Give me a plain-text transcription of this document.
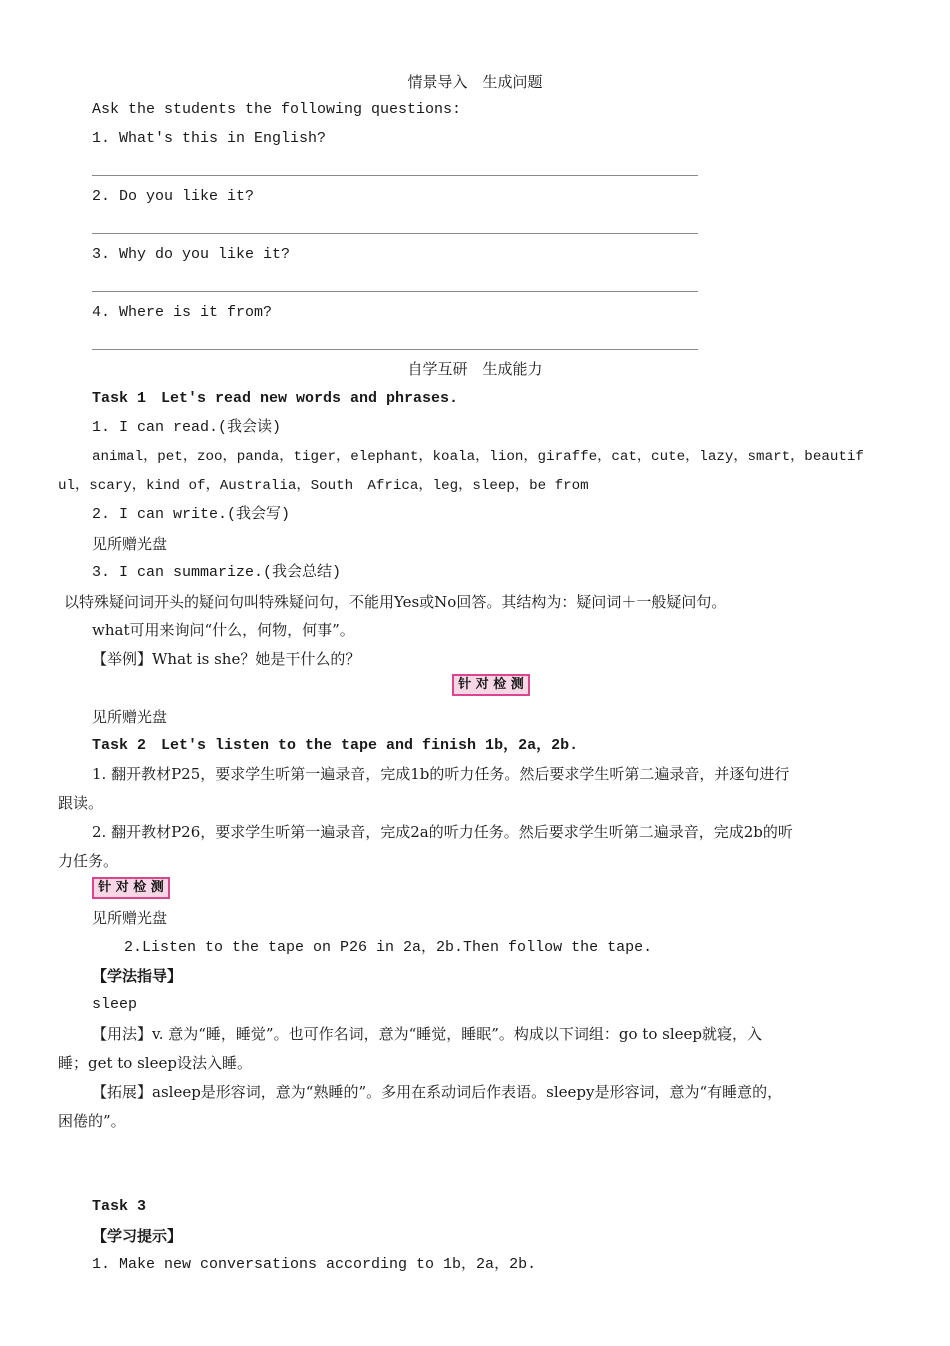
情景导入　生成问题
Ask the students the following questions:
1. What's this in English?
2. Do you like it?
3. Why do you like it?
4. Where is it from?
自学互研　生成能力
Task 1　Let's read new words and phrases.
1. I can read.(我会读)
animal，pet，zoo，panda，tiger，elephant，koala，lion，giraffe，cat，cute，lazy，smart，beautif
ul，scary，kind of，Australia，South　Africa，leg，sleep，be from
2. I can write.(我会写)
见所赠光盘
3. I can summarize.(我会总结)
以特殊疑问词开头的疑问句叫特殊疑问句，不能用Yes或No回答。其结构为：疑问词＋一般疑问句。
what可用来询问“什么，何物，何事”。
【举例】What is she？她是干什么的？
针 对 检 测
见所赠光盘
Task 2　Let's listen to the tape and finish 1b，2a，2b.
1. 翻开教材P25，要求学生听第一遍录音，完成1b的听力任务。然后要求学生听第二遍录音，并逐句进行
跟读。
2. 翻开教材P26，要求学生听第一遍录音，完成2a的听力任务。然后要求学生听第二遍录音，完成2b的听
力任务。
针 对 检 测
见所赠光盘
2.Listen to the tape on P26 in 2a，2b.Then follow the tape.
【学法指导】
sleep
【用法】v. 意为“睡，睡觉”。也可作名词，意为“睡觉，睡眠”。构成以下词组：go to sleep就寝，入
睡；get to sleep设法入睡。
【拓展】asleep是形容词，意为“熟睡的”。多用在系动词后作表语。sleepy是形容词，意为“有睡意的，
困倦的”。
Task 3
【学习提示】
1. Make new conversations according to 1b，2a，2b.
